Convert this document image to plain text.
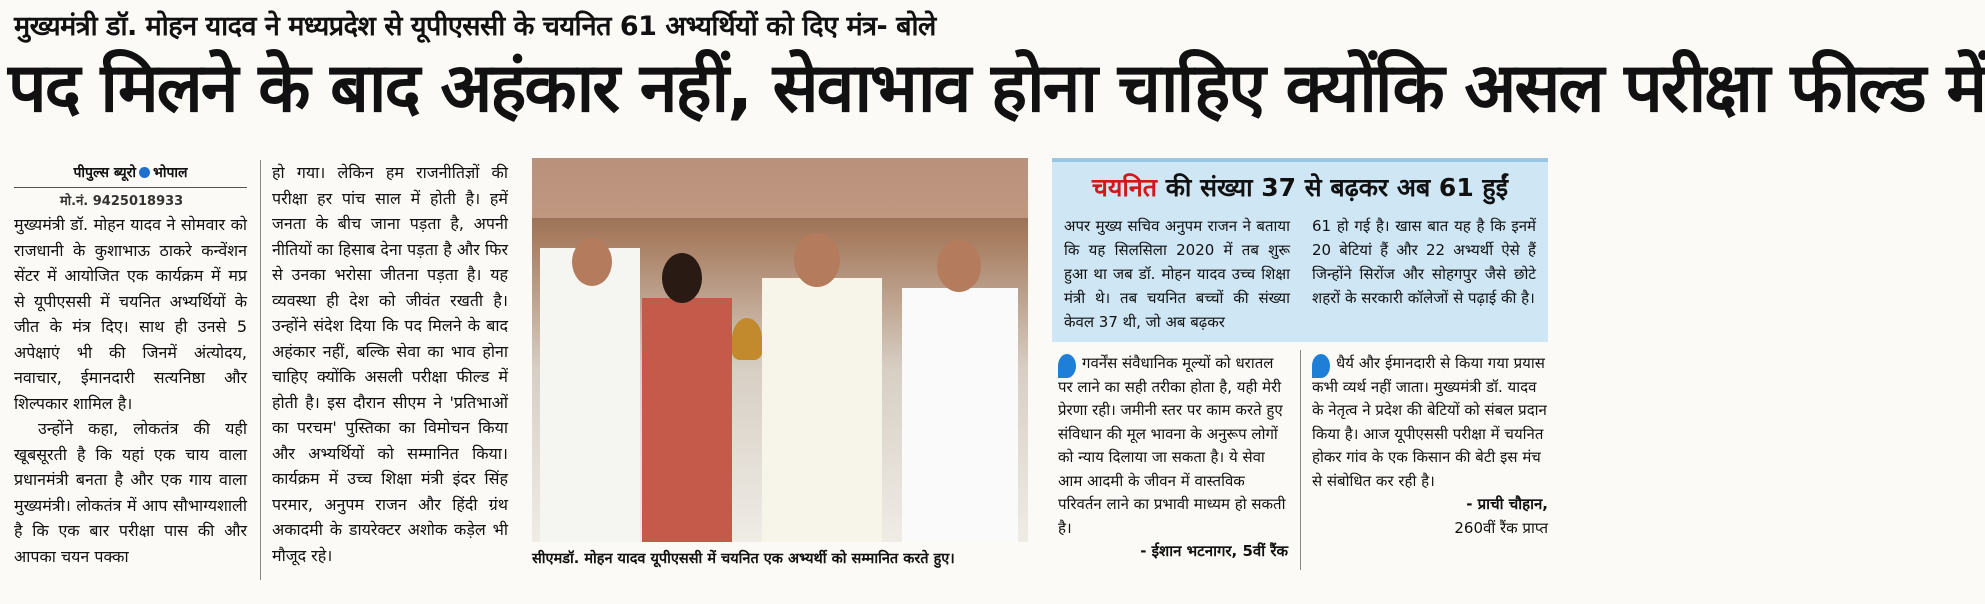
मुख्यमंत्री डॉ. मोहन यादव ने मध्यप्रदेश से यूपीएससी के चयनित 61 अभ्यर्थियों को दिए मंत्र- बोले
पद मिलने के बाद अहंकार नहीं, सेवाभाव होना चाहिए क्योंकि असल परीक्षा फील्ड में
पीपुल्स ब्यूरो भोपाल
मो.नं. 9425018933

मुख्यमंत्री डॉ. मोहन यादव ने सोमवार को राजधानी के कुशाभाऊ ठाकरे कन्वेंशन सेंटर में आयोजित एक कार्यक्रम में मप्र से यूपीएससी में चयनित अभ्यर्थियों के जीत के मंत्र दिए। साथ ही उनसे 5 अपेक्षाएं भी की जिनमें अंत्योदय, नवाचार, ईमानदारी सत्यनिष्ठा और शिल्पकार शामिल है।

उन्होंने कहा, लोकतंत्र की यही खूबसूरती है कि यहां एक चाय वाला प्रधानमंत्री बनता है और एक गाय वाला मुख्यमंत्री। लोकतंत्र में आप सौभाग्यशाली है कि एक बार परीक्षा पास की और आपका चयन पक्का

हो गया। लेकिन हम राजनीतिज्ञों की परीक्षा हर पांच साल में होती है। हमें जनता के बीच जाना पड़ता है, अपनी नीतियों का हिसाब देना पड़ता है और फिर से उनका भरोसा जीतना पड़ता है। यह व्यवस्था ही देश को जीवंत रखती है। उन्होंने संदेश दिया कि पद मिलने के बाद अहंकार नहीं, बल्कि सेवा का भाव होना चाहिए क्योंकि असली परीक्षा फील्ड में होती है। इस दौरान सीएम ने 'प्रतिभाओं का परचम' पुस्तिका का विमोचन किया और अभ्यर्थियों को सम्मानित किया। कार्यक्रम में उच्च शिक्षा मंत्री इंदर सिंह परमार, अनुपम राजन और हिंदी ग्रंथ अकादमी के डायरेक्टर अशोक कड़ेल भी मौजूद रहे।	सीएमडॉ. मोहन यादव यूपीएससी में चयनित एक अभ्यर्थी को सम्मानित करते हुए।
चयनित की संख्या 37 से बढ़कर अब 61 हुईं
अपर मुख्य सचिव अनुपम राजन ने बताया कि यह सिलसिला 2020 में तब शुरू हुआ था जब डॉ. मोहन यादव उच्च शिक्षा मंत्री थे। तब चयनित बच्चों की संख्या केवल 37 थी, जो अब बढ़कर
61 हो गई है। खास बात यह है कि इनमें 20 बेटियां हैं और 22 अभ्यर्थी ऐसे हैं जिन्होंने सिरोंज और सोहगपुर जैसे छोटे शहरों के सरकारी कॉलेजों से पढ़ाई की है।
गवर्नेंस संवैधानिक मूल्यों को धरातल पर लाने का सही तरीका होता है, यही मेरी प्रेरणा रही। जमीनी स्तर पर काम करते हुए संविधान की मूल भावना के अनुरूप लोगों को न्याय दिलाया जा सकता है। ये सेवा आम आदमी के जीवन में वास्तविक परिवर्तन लाने का प्रभावी माध्यम हो सकती है।
- ईशान भटनागर, 5वीं रैंक
धैर्य और ईमानदारी से किया गया प्रयास कभी व्यर्थ नहीं जाता। मुख्यमंत्री डॉ. यादव के नेतृत्व ने प्रदेश की बेटियों को संबल प्रदान किया है। आज यूपीएससी परीक्षा में चयनित होकर गांव के एक किसान की बेटी इस मंच से संबोधित कर रही है।
- प्राची चौहान,
260वीं रैंक प्राप्त
